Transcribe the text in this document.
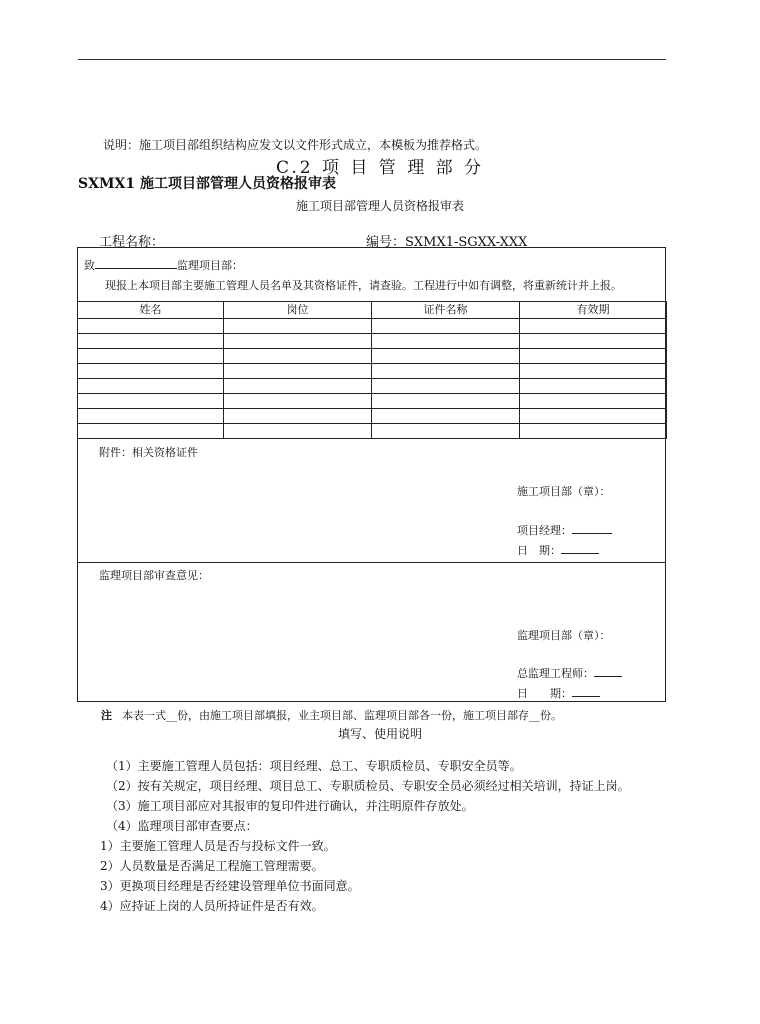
说明：施工项目部组织结构应发文以文件形式成立，本模板为推荐格式。
C.2 项 目 管 理 部 分
SXMX1 施工项目部管理人员资格报审表
施工项目部管理人员资格报审表
工程名称：	编号：SXMX1-SGXX-XXX
致	监理项目部：
现报上本项目部主要施工管理人员名单及其资格证件，请查验。工程进行中如有调整，将重新统计并上报。
姓名	岗位	证件名称	有效期

附件：相关资格证件
施工项目部（章）：
项目经理：
日　期：
监理项目部审查意见：
监理项目部（章）：
总监理工程师：
日　　期：
注 本表一式__份，由施工项目部填报，业主项目部、监理项目部各一份，施工项目部存__份。
填写、使用说明
（1）主要施工管理人员包括：项目经理、总工、专职质检员、专职安全员等。
（2）按有关规定，项目经理、项目总工、专职质检员、专职安全员必须经过相关培训，持证上岗。
（3）施工项目部应对其报审的复印件进行确认，并注明原件存放处。
（4）监理项目部审查要点：
1）主要施工管理人员是否与投标文件一致。
2）人员数量是否满足工程施工管理需要。
3）更换项目经理是否经建设管理单位书面同意。
4）应持证上岗的人员所持证件是否有效。
